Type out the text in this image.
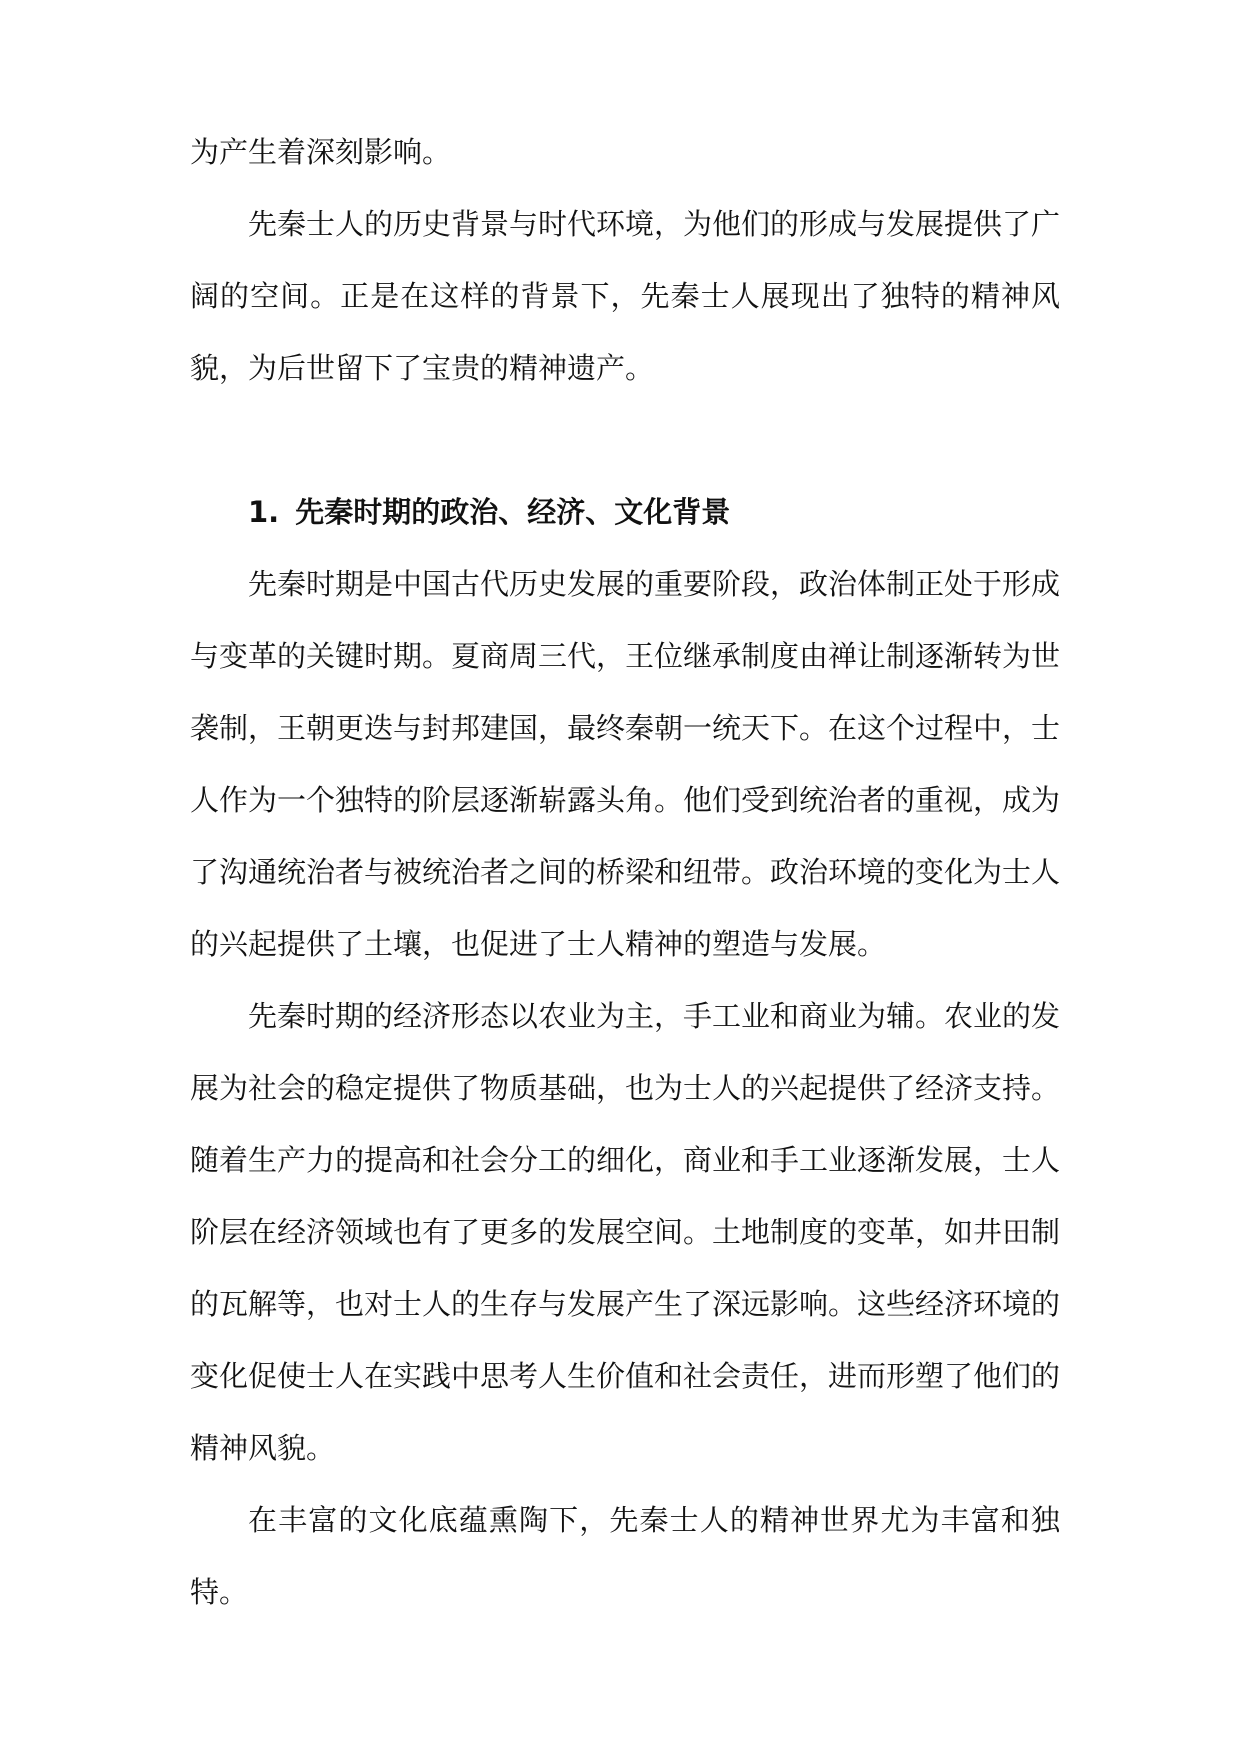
为产生着深刻影响。

先秦士人的历史背景与时代环境，为他们的形成与发展提供了广阔的空间。正是在这样的背景下，先秦士人展现出了独特的精神风貌，为后世留下了宝贵的精神遗产。

1. 先秦时期的政治、经济、文化背景

先秦时期是中国古代历史发展的重要阶段，政治体制正处于形成与变革的关键时期。夏商周三代，王位继承制度由禅让制逐渐转为世袭制，王朝更迭与封邦建国，最终秦朝一统天下。在这个过程中，士人作为一个独特的阶层逐渐崭露头角。他们受到统治者的重视，成为了沟通统治者与被统治者之间的桥梁和纽带。政治环境的变化为士人的兴起提供了土壤，也促进了士人精神的塑造与发展。

先秦时期的经济形态以农业为主，手工业和商业为辅。农业的发展为社会的稳定提供了物质基础，也为士人的兴起提供了经济支持。随着生产力的提高和社会分工的细化，商业和手工业逐渐发展，士人阶层在经济领域也有了更多的发展空间。土地制度的变革，如井田制的瓦解等，也对士人的生存与发展产生了深远影响。这些经济环境的变化促使士人在实践中思考人生价值和社会责任，进而形塑了他们的精神风貌。

在丰富的文化底蕴熏陶下，先秦士人的精神世界尤为丰富和独特。
